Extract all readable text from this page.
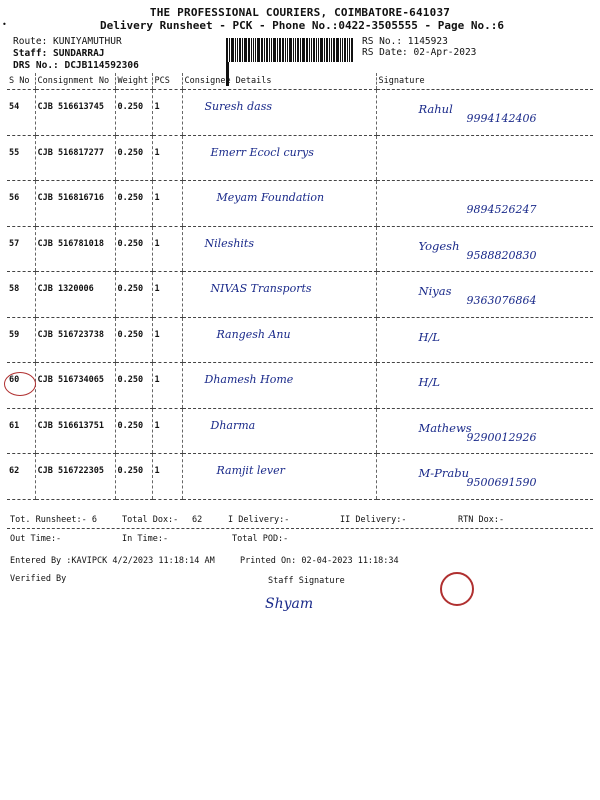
•
THE PROFESSIONAL COURIERS, COIMBATORE-641037
Delivery Runsheet - PCK - Phone No.:0422-3505555 - Page No.:6
Route: KUNIYAMUTHUR
Staff: SUNDARRAJ
DRS No.: DCJB114592306
RS No.: 1145923
RS Date: 02-Apr-2023
S No	Consignment No	Weight	PCS	Consignee Details	Signature

54	CJB 516613745	0.250	1	Suresh dass	Rahul
9994142406

55	CJB 516817277	0.250	1	Emerr Ecocl curys	

56	CJB 516816716	0.250	1	Meyam Foundation	9894526247

57	CJB 516781018	0.250	1	Nileshits	Yogesh
9588820830

58	CJB 1320006	0.250	1	NIVAS Transports	Niyas
9363076864

59	CJB 516723738	0.250	1	Rangesh Anu	H/L

60	CJB 516734065	0.250	1	Dhamesh Home	H/L

61	CJB 516613751	0.250	1	Dharma	Mathews
9290012926

62	CJB 516722305	0.250	1	Ramjit lever	M-Prabu
9500691590
Tot. Runsheet:- 6	Total Dox:- 62	I Delivery:-	II Delivery:-	RTN Dox:-
Out Time:-	In Time:-	Total POD:-
Entered By :KAVIPCK 4/2/2023 11:18:14 AM	Printed On: 02-04-2023 11:18:34
Verified By	Staff Signature
Shyam
